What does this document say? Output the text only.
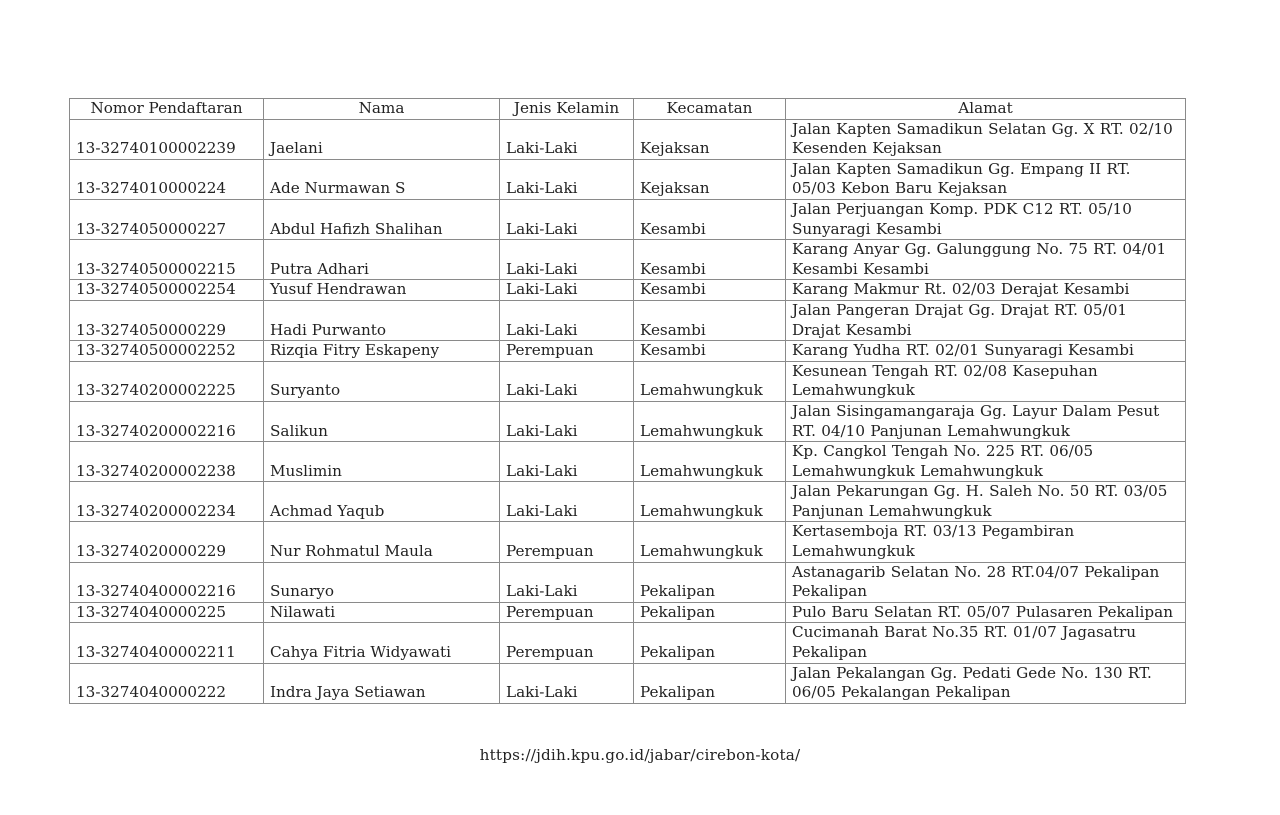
Nomor Pendaftaran	Nama	Jenis Kelamin	Kecamatan	Alamat
13-32740100002239	Jaelani	Laki-Laki	Kejaksan	Jalan Kapten Samadikun Selatan Gg. X RT. 02/10 Kesenden Kejaksan
13-3274010000224	Ade Nurmawan S	Laki-Laki	Kejaksan	Jalan Kapten Samadikun Gg. Empang II RT. 05/03 Kebon Baru Kejaksan
13-3274050000227	Abdul Hafizh Shalihan	Laki-Laki	Kesambi	Jalan Perjuangan Komp. PDK C12 RT. 05/10 Sunyaragi Kesambi
13-32740500002215	Putra Adhari	Laki-Laki	Kesambi	Karang Anyar Gg. Galunggung No. 75 RT. 04/01 Kesambi Kesambi
13-32740500002254	Yusuf Hendrawan	Laki-Laki	Kesambi	Karang Makmur Rt. 02/03 Derajat Kesambi
13-3274050000229	Hadi Purwanto	Laki-Laki	Kesambi	Jalan Pangeran Drajat Gg. Drajat RT. 05/01 Drajat Kesambi
13-32740500002252	Rizqia Fitry Eskapeny	Perempuan	Kesambi	Karang Yudha RT. 02/01 Sunyaragi Kesambi
13-32740200002225	Suryanto	Laki-Laki	Lemahwungkuk	Kesunean Tengah RT. 02/08 Kasepuhan Lemahwungkuk
13-32740200002216	Salikun	Laki-Laki	Lemahwungkuk	Jalan Sisingamangaraja Gg. Layur Dalam Pesut RT. 04/10 Panjunan Lemahwungkuk
13-32740200002238	Muslimin	Laki-Laki	Lemahwungkuk	Kp. Cangkol Tengah No. 225 RT. 06/05 Lemahwungkuk Lemahwungkuk
13-32740200002234	Achmad Yaqub	Laki-Laki	Lemahwungkuk	Jalan Pekarungan Gg. H. Saleh No. 50 RT. 03/05 Panjunan Lemahwungkuk
13-3274020000229	Nur Rohmatul Maula	Perempuan	Lemahwungkuk	Kertasemboja RT. 03/13 Pegambiran Lemahwungkuk
13-32740400002216	Sunaryo	Laki-Laki	Pekalipan	Astanagarib Selatan No. 28 RT.04/07 Pekalipan Pekalipan
13-3274040000225	Nilawati	Perempuan	Pekalipan	Pulo Baru Selatan RT. 05/07 Pulasaren Pekalipan
13-32740400002211	Cahya Fitria Widyawati	Perempuan	Pekalipan	Cucimanah Barat No.35 RT. 01/07 Jagasatru Pekalipan
13-3274040000222	Indra Jaya Setiawan	Laki-Laki	Pekalipan	Jalan Pekalangan Gg. Pedati Gede No. 130 RT. 06/05 Pekalangan Pekalipan
https://jdih.kpu.go.id/jabar/cirebon-kota/
